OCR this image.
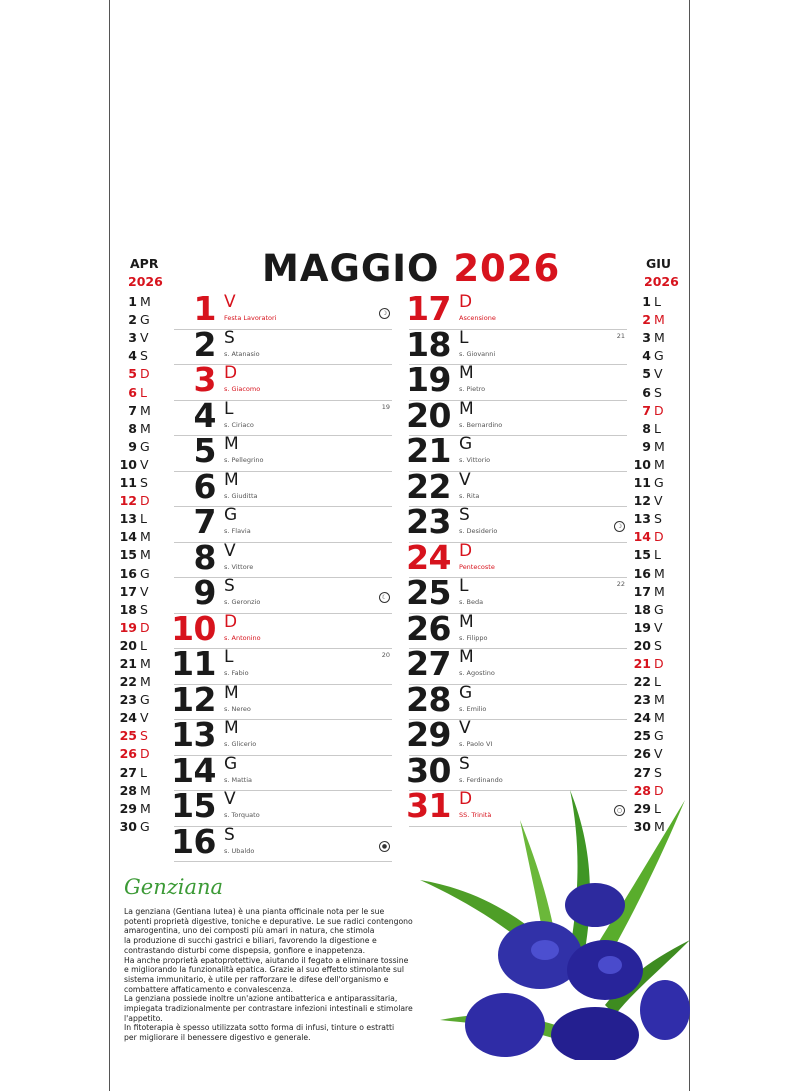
MAGGIO 2026
APR
2026
1 M
2 G
3 V
4 S
5 D
6 L
7 M
8 M
9 G
10 V
11 S
12 D
13 L
14 M
15 M
16 G
17 V
18 S
19 D
20 L
21 M
22 M
23 G
24 V
25 S
26 D
27 L
28 M
29 M
30 G
GIU
2026
1 L
2 M
3 M
4 G
5 V
6 S
7 D
8 L
9 M
10 M
11 G
12 V
13 S
14 D
15 L
16 M
17 M
18 G
19 V
20 S
21 D
22 L
23 M
24 M
25 G
26 V
27 S
28 D
29 L
30 M
1 V
Festa Lavoratori
☽
2 S
s. Atanasio
3 D
s. Giacomo
4 L
s. Ciriaco
19
5 M
s. Pellegrino
6 M
s. Giuditta
7 G
s. Flavia
8 V
s. Vittore
9 S
s. Geronzio
☾
10 D
s. Antonino
11 L
s. Fabio
20
12 M
s. Nereo
13 M
s. Glicerio
14 G
s. Mattia
15 V
s. Torquato
16 S
s. Ubaldo
●
17 D
Ascensione
18 L
s. Giovanni
21
19 M
s. Pietro
20 M
s. Bernardino
21 G
s. Vittorio
22 V
s. Rita
23 S
s. Desiderio
☽
24 D
Pentecoste
25 L
s. Beda
22
26 M
s. Filippo
27 M
s. Agostino
28 G
s. Emilio
29 V
s. Paolo VI
30 S
s. Ferdinando
31 D
SS. Trinità
○
Genziana

La genziana (Gentiana lutea) è una pianta officinale nota per le sue

potenti proprietà digestive, toniche e depurative. Le sue radici contengono

amarogentina, uno dei composti più amari in natura, che stimola

la produzione di succhi gastrici e biliari, favorendo la digestione e

contrastando disturbi come dispepsia, gonfiore e inappetenza.

Ha anche proprietà epatoprotettive, aiutando il fegato a eliminare tossine

e migliorando la funzionalità epatica. Grazie al suo effetto stimolante sul

sistema immunitario, è utile per rafforzare le difese dell'organismo e

combattere affaticamento e convalescenza.

La genziana possiede inoltre un'azione antibatterica e antiparassitaria,

impiegata tradizionalmente per contrastare infezioni intestinali e stimolare

l'appetito.

In fitoterapia è spesso utilizzata sotto forma di infusi, tinture o estratti

per migliorare il benessere digestivo e generale.
